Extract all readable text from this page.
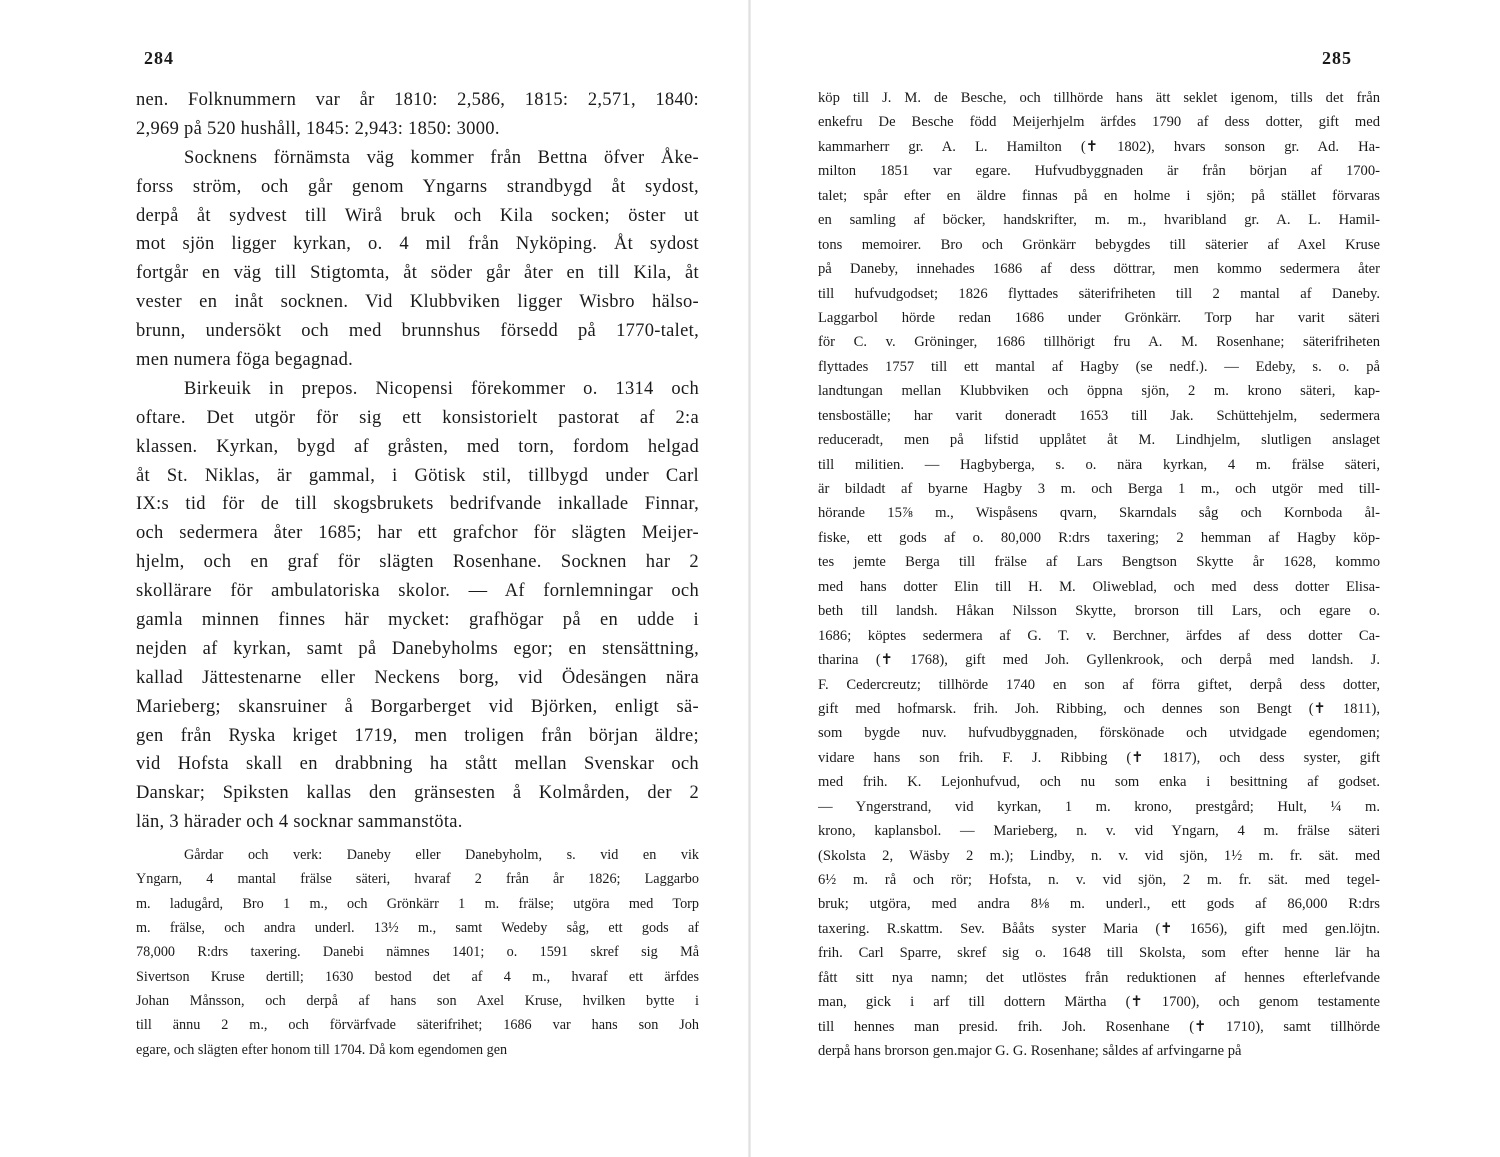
284
nen. Folknummern var år 1810: 2,586, 1815: 2,571, 1840:
2,969 på 520 hushåll, 1845: 2,943: 1850: 3000.
Socknens förnämsta väg kommer från Bettna öfver Åke-
forss ström, och går genom Yngarns strandbygd åt sydost,
derpå åt sydvest till Wirå bruk och Kila socken; öster ut
mot sjön ligger kyrkan, o. 4 mil från Nyköping. Åt sydost
fortgår en väg till Stigtomta, åt söder går åter en till Kila, åt
vester en inåt socknen. Vid Klubbviken ligger Wisbro hälso-
brunn, undersökt och med brunnshus försedd på 1770-talet,
men numera föga begagnad.
Birkeuik in prepos. Nicopensi förekommer o. 1314 och
oftare. Det utgör för sig ett konsistorielt pastorat af 2:a
klassen. Kyrkan, bygd af gråsten, med torn, fordom helgad
åt St. Niklas, är gammal, i Götisk stil, tillbygd under Carl
IX:s tid för de till skogsbrukets bedrifvande inkallade Finnar,
och sedermera åter 1685; har ett grafchor för slägten Meijer-
hjelm, och en graf för slägten Rosenhane. Socknen har 2
skollärare för ambulatoriska skolor. — Af fornlemningar och
gamla minnen finnes här mycket: grafhögar på en udde i
nejden af kyrkan, samt på Danebyholms egor; en stensättning,
kallad Jättestenarne eller Neckens borg, vid Ödesängen nära
Marieberg; skansruiner å Borgarberget vid Björken, enligt sä-
gen från Ryska kriget 1719, men troligen från början äldre;
vid Hofsta skall en drabbning ha stått mellan Svenskar och
Danskar; Spiksten kallas den gränsesten å Kolmården, der 2
län, 3 härader och 4 socknar sammanstöta.
Gårdar och verk: Daneby eller Danebyholm, s. vid en vik
Yngarn, 4 mantal frälse säteri, hvaraf 2 från år 1826; Laggarbo
m. ladugård, Bro 1 m., och Grönkärr 1 m. frälse; utgöra med Torp
m. frälse, och andra underl. 13½ m., samt Wedeby såg, ett gods af
78,000 R:drs taxering. Danebi nämnes 1401; o. 1591 skref sig Må
Sivertson Kruse dertill; 1630 bestod det af 4 m., hvaraf ett ärfdes
Johan Månsson, och derpå af hans son Axel Kruse, hvilken bytte i
till ännu 2 m., och förvärfvade säterifrihet; 1686 var hans son Joh
egare, och slägten efter honom till 1704. Då kom egendomen gen
285
köp till J. M. de Besche, och tillhörde hans ätt seklet igenom, tills det från
enkefru De Besche född Meijerhjelm ärfdes 1790 af dess dotter, gift med
kammarherr gr. A. L. Hamilton (✝ 1802), hvars sonson gr. Ad. Ha-
milton 1851 var egare. Hufvudbyggnaden är från början af 1700-
talet; spår efter en äldre finnas på en holme i sjön; på stället förvaras
en samling af böcker, handskrifter, m. m., hvaribland gr. A. L. Hamil-
tons memoirer. Bro och Grönkärr bebygdes till säterier af Axel Kruse
på Daneby, innehades 1686 af dess döttrar, men kommo sedermera åter
till hufvudgodset; 1826 flyttades säterifriheten till 2 mantal af Daneby.
Laggarbol hörde redan 1686 under Grönkärr. Torp har varit säteri
för C. v. Gröninger, 1686 tillhörigt fru A. M. Rosenhane; säterifriheten
flyttades 1757 till ett mantal af Hagby (se nedf.). — Edeby, s. o. på
landtungan mellan Klubbviken och öppna sjön, 2 m. krono säteri, kap-
tensboställe; har varit doneradt 1653 till Jak. Schüttehjelm, sedermera
reduceradt, men på lifstid upplåtet åt M. Lindhjelm, slutligen anslaget
till militien. — Hagbyberga, s. o. nära kyrkan, 4 m. frälse säteri,
är bildadt af byarne Hagby 3 m. och Berga 1 m., och utgör med till-
hörande 15⅞ m., Wispåsens qvarn, Skarndals såg och Kornboda ål-
fiske, ett gods af o. 80,000 R:drs taxering; 2 hemman af Hagby köp-
tes jemte Berga till frälse af Lars Bengtson Skytte år 1628, kommo
med hans dotter Elin till H. M. Oliweblad, och med dess dotter Elisa-
beth till landsh. Håkan Nilsson Skytte, brorson till Lars, och egare o.
1686; köptes sedermera af G. T. v. Berchner, ärfdes af dess dotter Ca-
tharina (✝ 1768), gift med Joh. Gyllenkrook, och derpå med landsh. J.
F. Cedercreutz; tillhörde 1740 en son af förra giftet, derpå dess dotter,
gift med hofmarsk. frih. Joh. Ribbing, och dennes son Bengt (✝ 1811),
som bygde nuv. hufvudbyggnaden, förskönade och utvidgade egendomen;
vidare hans son frih. F. J. Ribbing (✝ 1817), och dess syster, gift
med frih. K. Lejonhufvud, och nu som enka i besittning af godset.
— Yngerstrand, vid kyrkan, 1 m. krono, prestgård; Hult, ¼ m.
krono, kaplansbol. — Marieberg, n. v. vid Yngarn, 4 m. frälse säteri
(Skolsta 2, Wäsby 2 m.); Lindby, n. v. vid sjön, 1½ m. fr. sät. med
6½ m. rå och rör; Hofsta, n. v. vid sjön, 2 m. fr. sät. med tegel-
bruk; utgöra, med andra 8⅛ m. underl., ett gods af 86,000 R:drs
taxering. R.skattm. Sev. Bååts syster Maria (✝ 1656), gift med gen.löjtn.
frih. Carl Sparre, skref sig o. 1648 till Skolsta, som efter henne lär ha
fått sitt nya namn; det utlöstes från reduktionen af hennes efterlefvande
man, gick i arf till dottern Märtha (✝ 1700), och genom testamente
till hennes man presid. frih. Joh. Rosenhane (✝ 1710), samt tillhörde
derpå hans brorson gen.major G. G. Rosenhane; såldes af arfvingarne på
